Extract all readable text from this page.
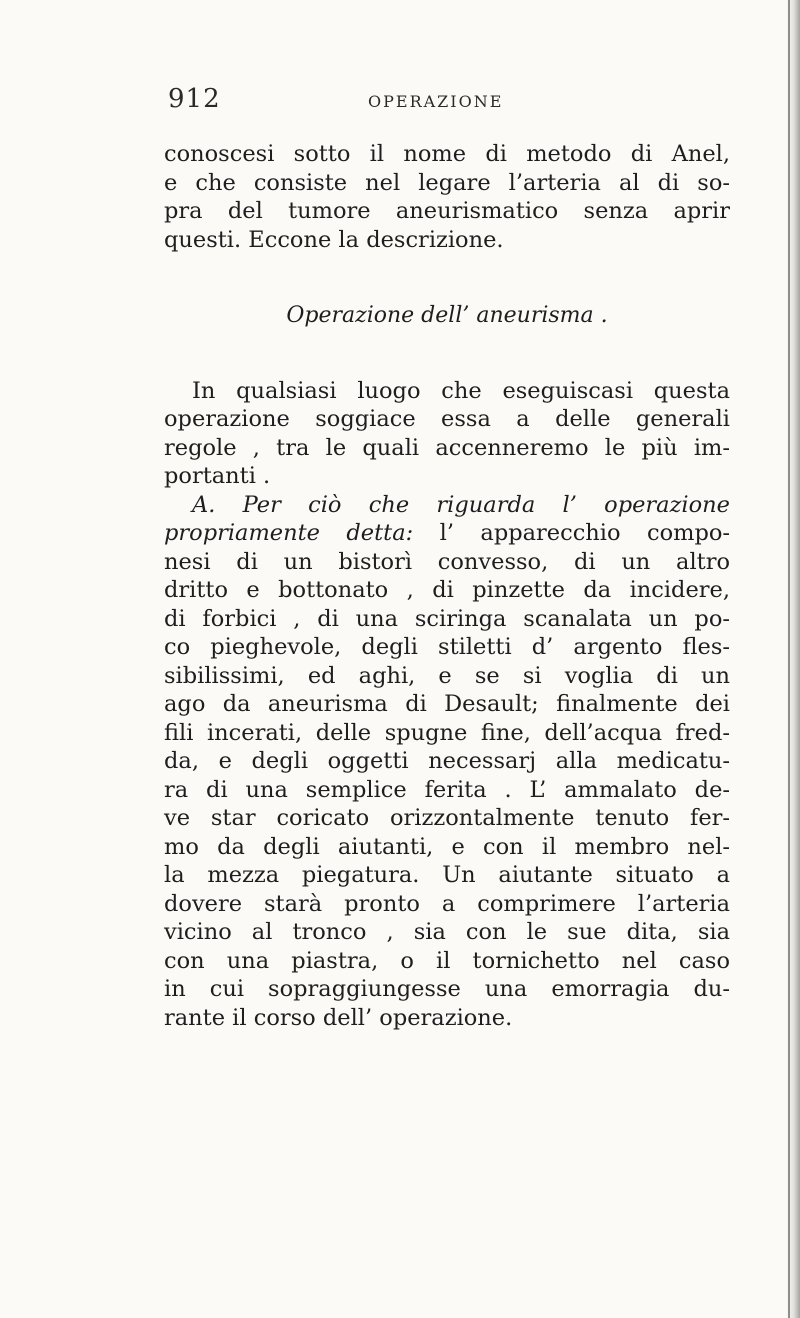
912	OPERAZIONE
conoscesi sotto il nome di metodo di Anel,
e che consiste nel legare l’arteria al di so-
pra del tumore aneurismatico senza aprir
questi. Eccone la descrizione.
Operazione dell’ aneurisma .
In qualsiasi luogo che eseguiscasi questa
operazione soggiace essa a delle generali
regole , tra le quali accenneremo le più im-
portanti .
A. Per ciò che riguarda l’ operazione
propriamente detta: l’ apparecchio compo-
nesi di un bistorì convesso, di un altro
dritto e bottonato , di pinzette da incidere,
di forbici , di una sciringa scanalata un po-
co pieghevole, degli stiletti d’ argento fles-
sibilissimi, ed aghi, e se si voglia di un
ago da aneurisma di Desault; finalmente dei
fili incerati, delle spugne fine, dell’acqua fred-
da, e degli oggetti necessarj alla medicatu-
ra di una semplice ferita . L’ ammalato de-
ve star coricato orizzontalmente tenuto fer-
mo da degli aiutanti, e con il membro nel-
la mezza piegatura. Un aiutante situato a
dovere starà pronto a comprimere l’arteria
vicino al tronco , sia con le sue dita, sia
con una piastra, o il tornichetto nel caso
in cui sopraggiungesse una emorragia du-
rante il corso dell’ operazione.
